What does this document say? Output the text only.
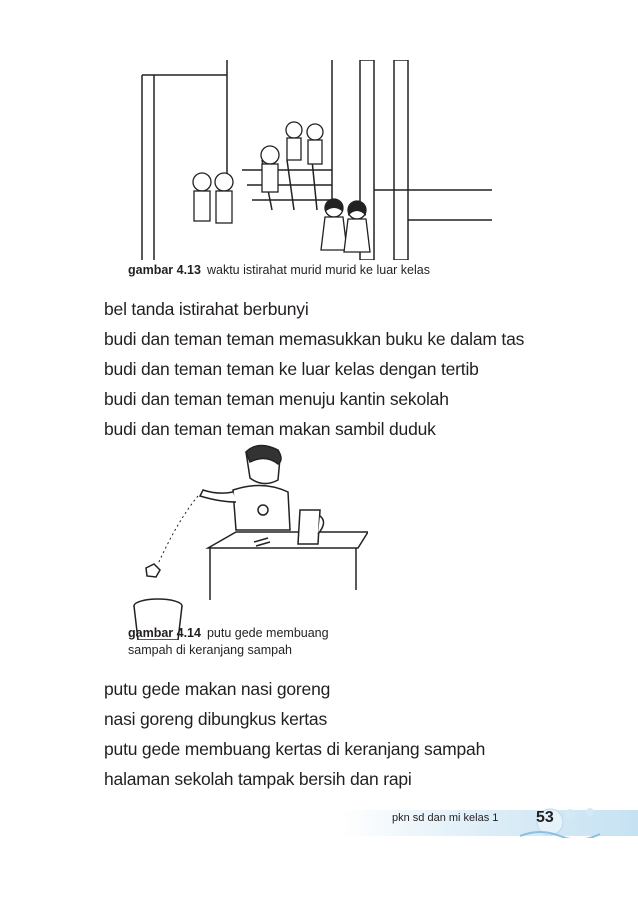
gambar 4.13 waktu istirahat murid murid ke luar kelas
bel tanda istirahat berbunyi
budi dan teman teman memasukkan buku ke dalam tas
budi dan teman teman ke luar kelas dengan tertib
budi dan teman teman menuju kantin sekolah
budi dan teman teman makan sambil duduk
gambar 4.14 putu gede membuang
sampah di keranjang sampah
putu gede makan nasi goreng
nasi goreng dibungkus kertas
putu gede membuang kertas di keranjang sampah
halaman sekolah tampak bersih dan rapi
pkn sd dan mi kelas 1 53
